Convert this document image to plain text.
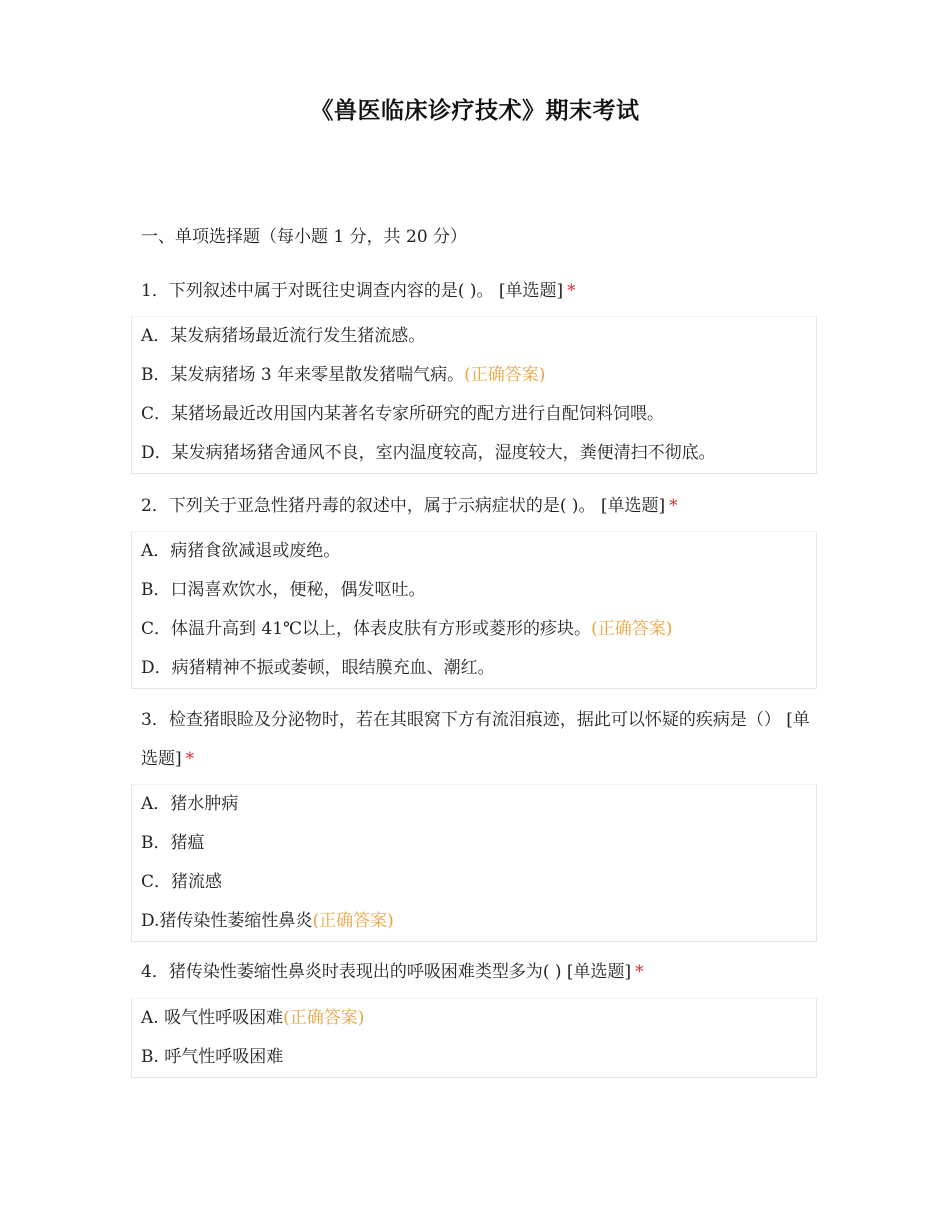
《兽医临床诊疗技术》期末考试
一、单项选择题（每小题 1 分，共 20 分）
1．下列叙述中属于对既往史调查内容的是( )。 [单选题] *
A．某发病猪场最近流行发生猪流感。
B．某发病猪场 3 年来零星散发猪喘气病。(正确答案)
C．某猪场最近改用国内某著名专家所研究的配方进行自配饲料饲喂。
D．某发病猪场猪舍通风不良，室内温度较高，湿度较大，粪便清扫不彻底。
2．下列关于亚急性猪丹毒的叙述中，属于示病症状的是( )。 [单选题] *
A．病猪食欲减退或废绝。
B．口渴喜欢饮水，便秘，偶发呕吐。
C．体温升高到 41℃以上，体表皮肤有方形或菱形的疹块。(正确答案)
D．病猪精神不振或萎顿，眼结膜充血、潮红。
3．检查猪眼睑及分泌物时，若在其眼窝下方有流泪痕迹，据此可以怀疑的疾病是（） [单选题] *
A．猪水肿病
B．猪瘟
C．猪流感
D.猪传染性萎缩性鼻炎(正确答案)
4．猪传染性萎缩性鼻炎时表现出的呼吸困难类型多为( ) [单选题] *
A. 吸气性呼吸困难(正确答案)
B. 呼气性呼吸困难
